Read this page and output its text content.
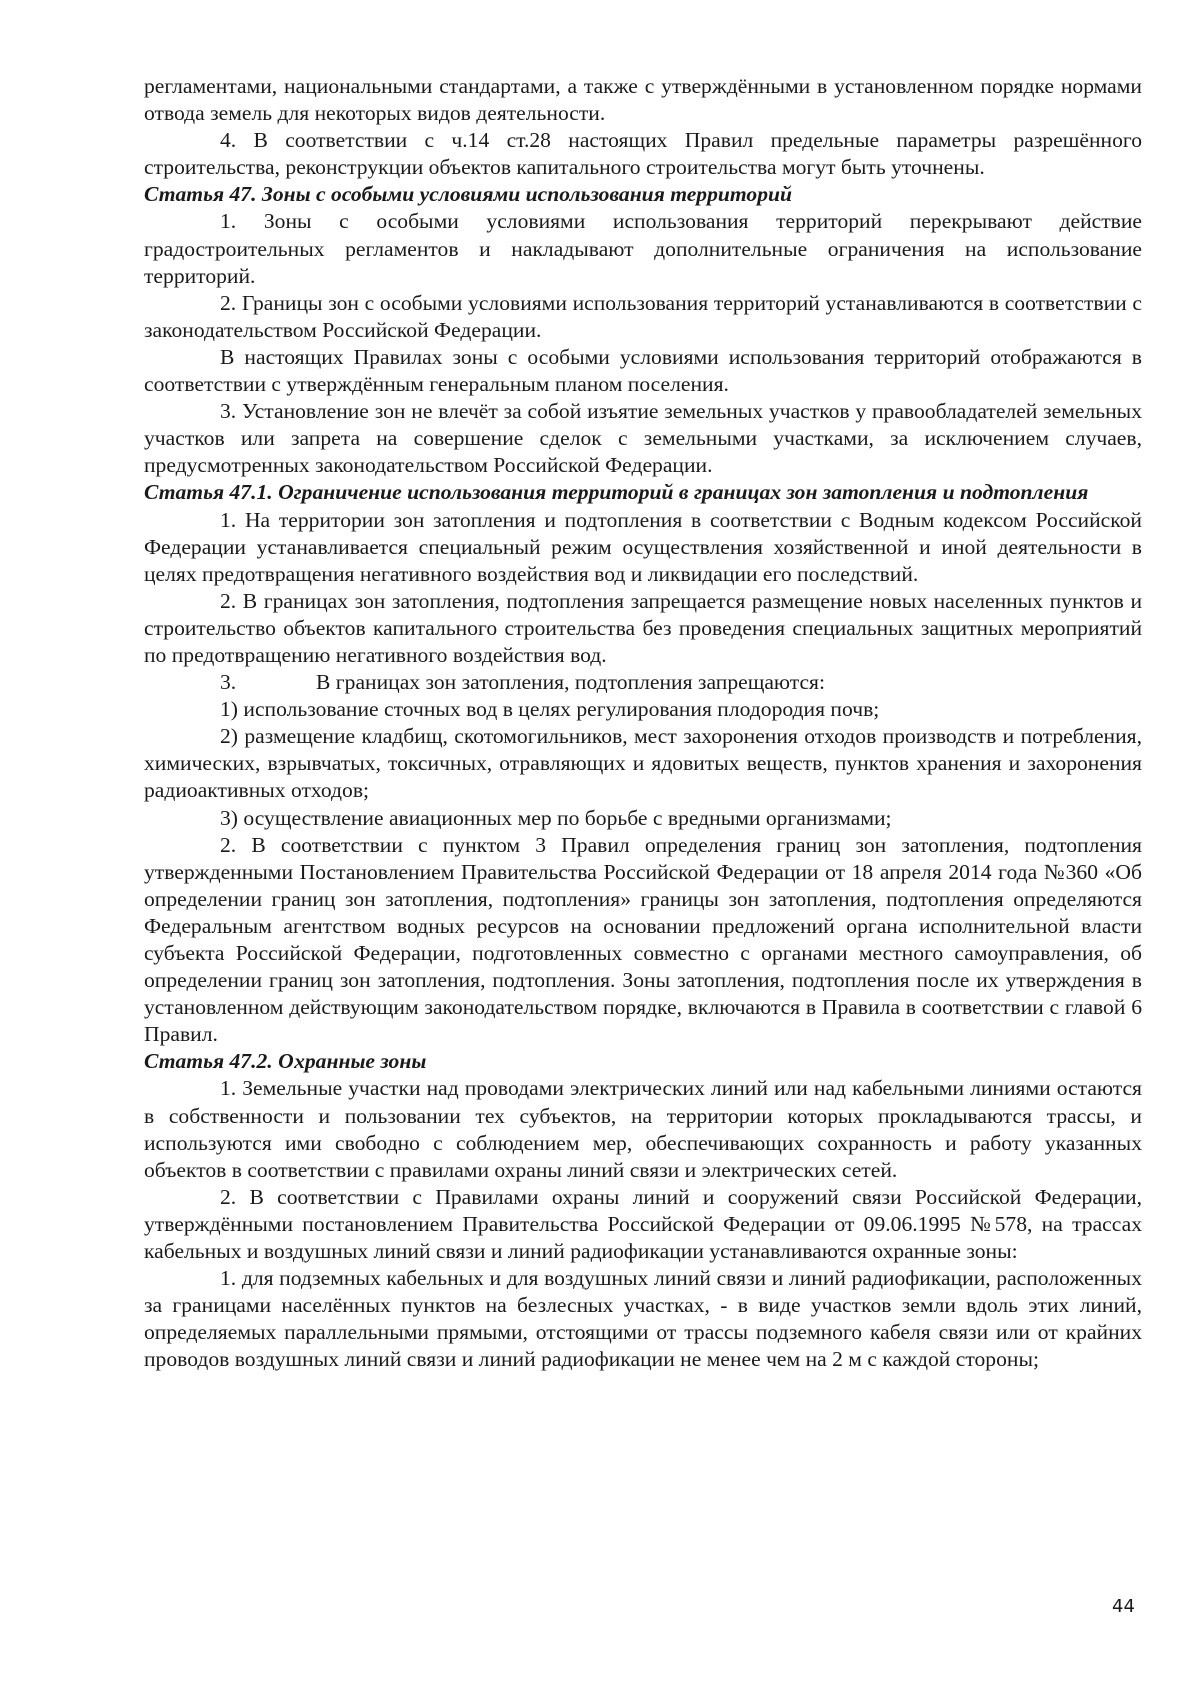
регламентами, национальными стандартами, а также с утверждёнными в установленном порядке нормами отвода земель для некоторых видов деятельности.

4. В соответствии с ч.14 ст.28 настоящих Правил предельные параметры разрешённого строительства, реконструкции объектов капитального строительства могут быть уточнены.

Статья 47. Зоны с особыми условиями использования территорий

1. Зоны с особыми условиями использования территорий перекрывают действие градостроительных регламентов и накладывают дополнительные ограничения на использование территорий.

2. Границы зон с особыми условиями использования территорий устанавливаются в соответствии с законодательством Российской Федерации.

В настоящих Правилах зоны с особыми условиями использования территорий отображаются в соответствии с утверждённым генеральным планом поселения.

3. Установление зон не влечёт за собой изъятие земельных участков у правообладателей земельных участков или запрета на совершение сделок с земельными участками, за исключением случаев, предусмотренных законодательством Российской Федерации.

Статья 47.1. Ограничение использования территорий в границах зон затопления и подтопления

1. На территории зон затопления и подтопления в соответствии с Водным кодексом Российской Федерации устанавливается специальный режим осуществления хозяйственной и иной деятельности в целях предотвращения негативного воздействия вод и ликвидации его последствий.

2. В границах зон затопления, подтопления запрещается размещение новых населенных пунктов и строительство объектов капитального строительства без проведения специальных защитных мероприятий по предотвращению негативного воздействия вод.

3.	В границах зон затопления, подтопления запрещаются:

1) использование сточных вод в целях регулирования плодородия почв;

2) размещение кладбищ, скотомогильников, мест захоронения отходов производств и потребления, химических, взрывчатых, токсичных, отравляющих и ядовитых веществ, пунктов хранения и захоронения радиоактивных отходов;

3) осуществление авиационных мер по борьбе с вредными организмами;

2. В соответствии с пунктом 3 Правил определения границ зон затопления, подтопления утвержденными Постановлением Правительства Российской Федерации от 18 апреля 2014 года №360 «Об определении границ зон затопления, подтопления» границы зон затопления, подтопления определяются Федеральным агентством водных ресурсов на основании предложений органа исполнительной власти субъекта Российской Федерации, подготовленных совместно с органами местного самоуправления, об определении границ зон затопления, подтопления. Зоны затопления, подтопления после их утверждения в установленном действующим законодательством порядке, включаются в Правила в соответствии с главой 6 Правил.

Статья 47.2. Охранные зоны

1. Земельные участки над проводами электрических линий или над кабельными линиями остаются в собственности и пользовании тех субъектов, на территории которых прокладываются трассы, и используются ими свободно с соблюдением мер, обеспечивающих сохранность и работу указанных объектов в соответствии с правилами охраны линий связи и электрических сетей.

2. В соответствии с Правилами охраны линий и сооружений связи Российской Федерации, утверждёнными постановлением Правительства Российской Федерации от 09.06.1995 №578, на трассах кабельных и воздушных линий связи и линий радиофикации устанавливаются охранные зоны:

1. для подземных кабельных и для воздушных линий связи и линий радиофикации, расположенных за границами населённых пунктов на безлесных участках, - в виде участков земли вдоль этих линий, определяемых параллельными прямыми, отстоящими от трассы подземного кабеля связи или от крайних проводов воздушных линий связи и линий радиофикации не менее чем на 2 м с каждой стороны;

44
